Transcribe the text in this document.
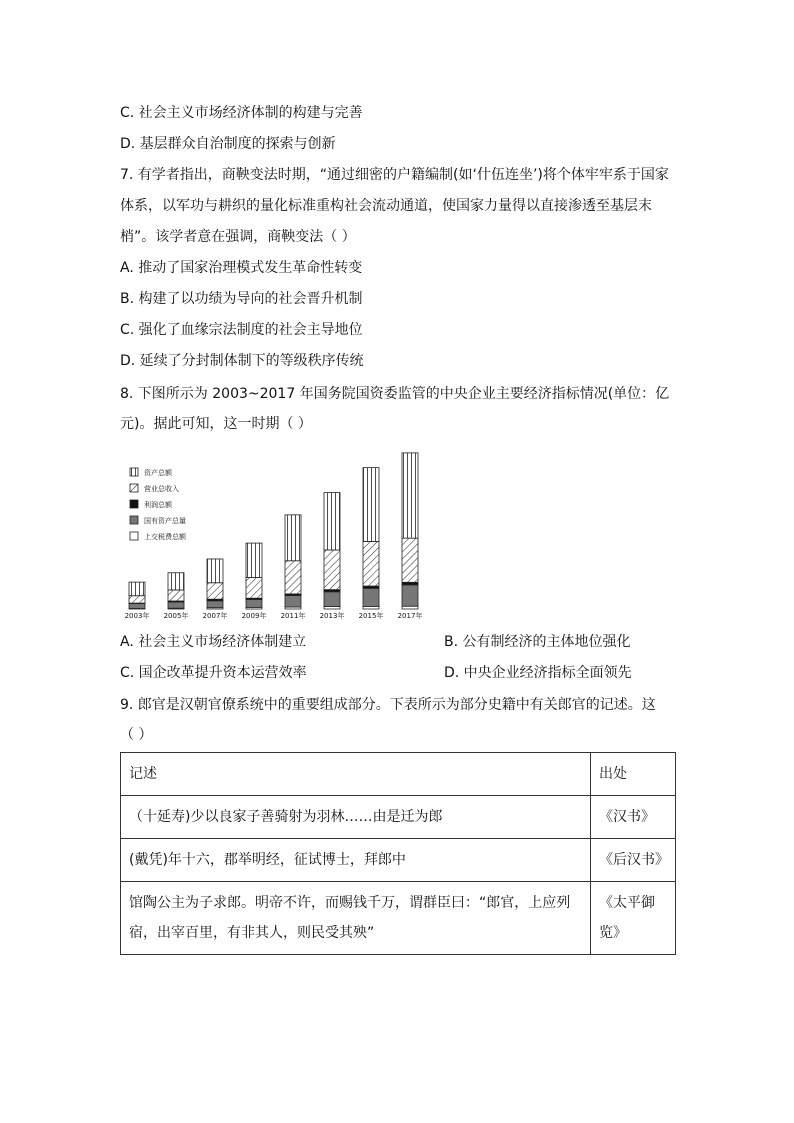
C. 社会主义市场经济体制的构建与完善
D. 基层群众自治制度的探索与创新
7. 有学者指出，商鞅变法时期，“通过细密的户籍编制(如‘什伍连坐’)将个体牢牢系于国家
体系，以军功与耕织的量化标准重构社会流动通道，使国家力量得以直接渗透至基层末
梢”。该学者意在强调，商鞅变法（ ）
A. 推动了国家治理模式发生革命性转变
B. 构建了以功绩为导向的社会晋升机制
C. 强化了血缘宗法制度的社会主导地位
D. 延续了分封制体制下的等级秩序传统
8. 下图所示为 2003~2017 年国务院国资委监管的中央企业主要经济指标情况(单位：亿
元)。据此可知，这一时期（ ）
资产总额
营业总收入
利润总额
国有资产总量
上交税费总额
2003年 2005年 2007年 2009年 2011年 2013年 2015年 2017年
A. 社会主义市场经济体制建立	B. 公有制经济的主体地位强化
C. 国企改革提升资本运营效率	D. 中央企业经济指标全面领先
9. 郎官是汉朝官僚系统中的重要组成部分。下表所示为部分史籍中有关郎官的记述。这
（ ）
记述	出处
（十延寿)少以良家子善骑射为羽林……由是迁为郎	《汉书》
(戴凭)年十六，郡举明经，征试博士，拜郎中	《后汉书》
馆陶公主为子求郎。明帝不许，而赐钱千万，谓群臣曰：“郎官，上应列宿，出宰百里，有非其人，则民受其殃”	《太平御览》
